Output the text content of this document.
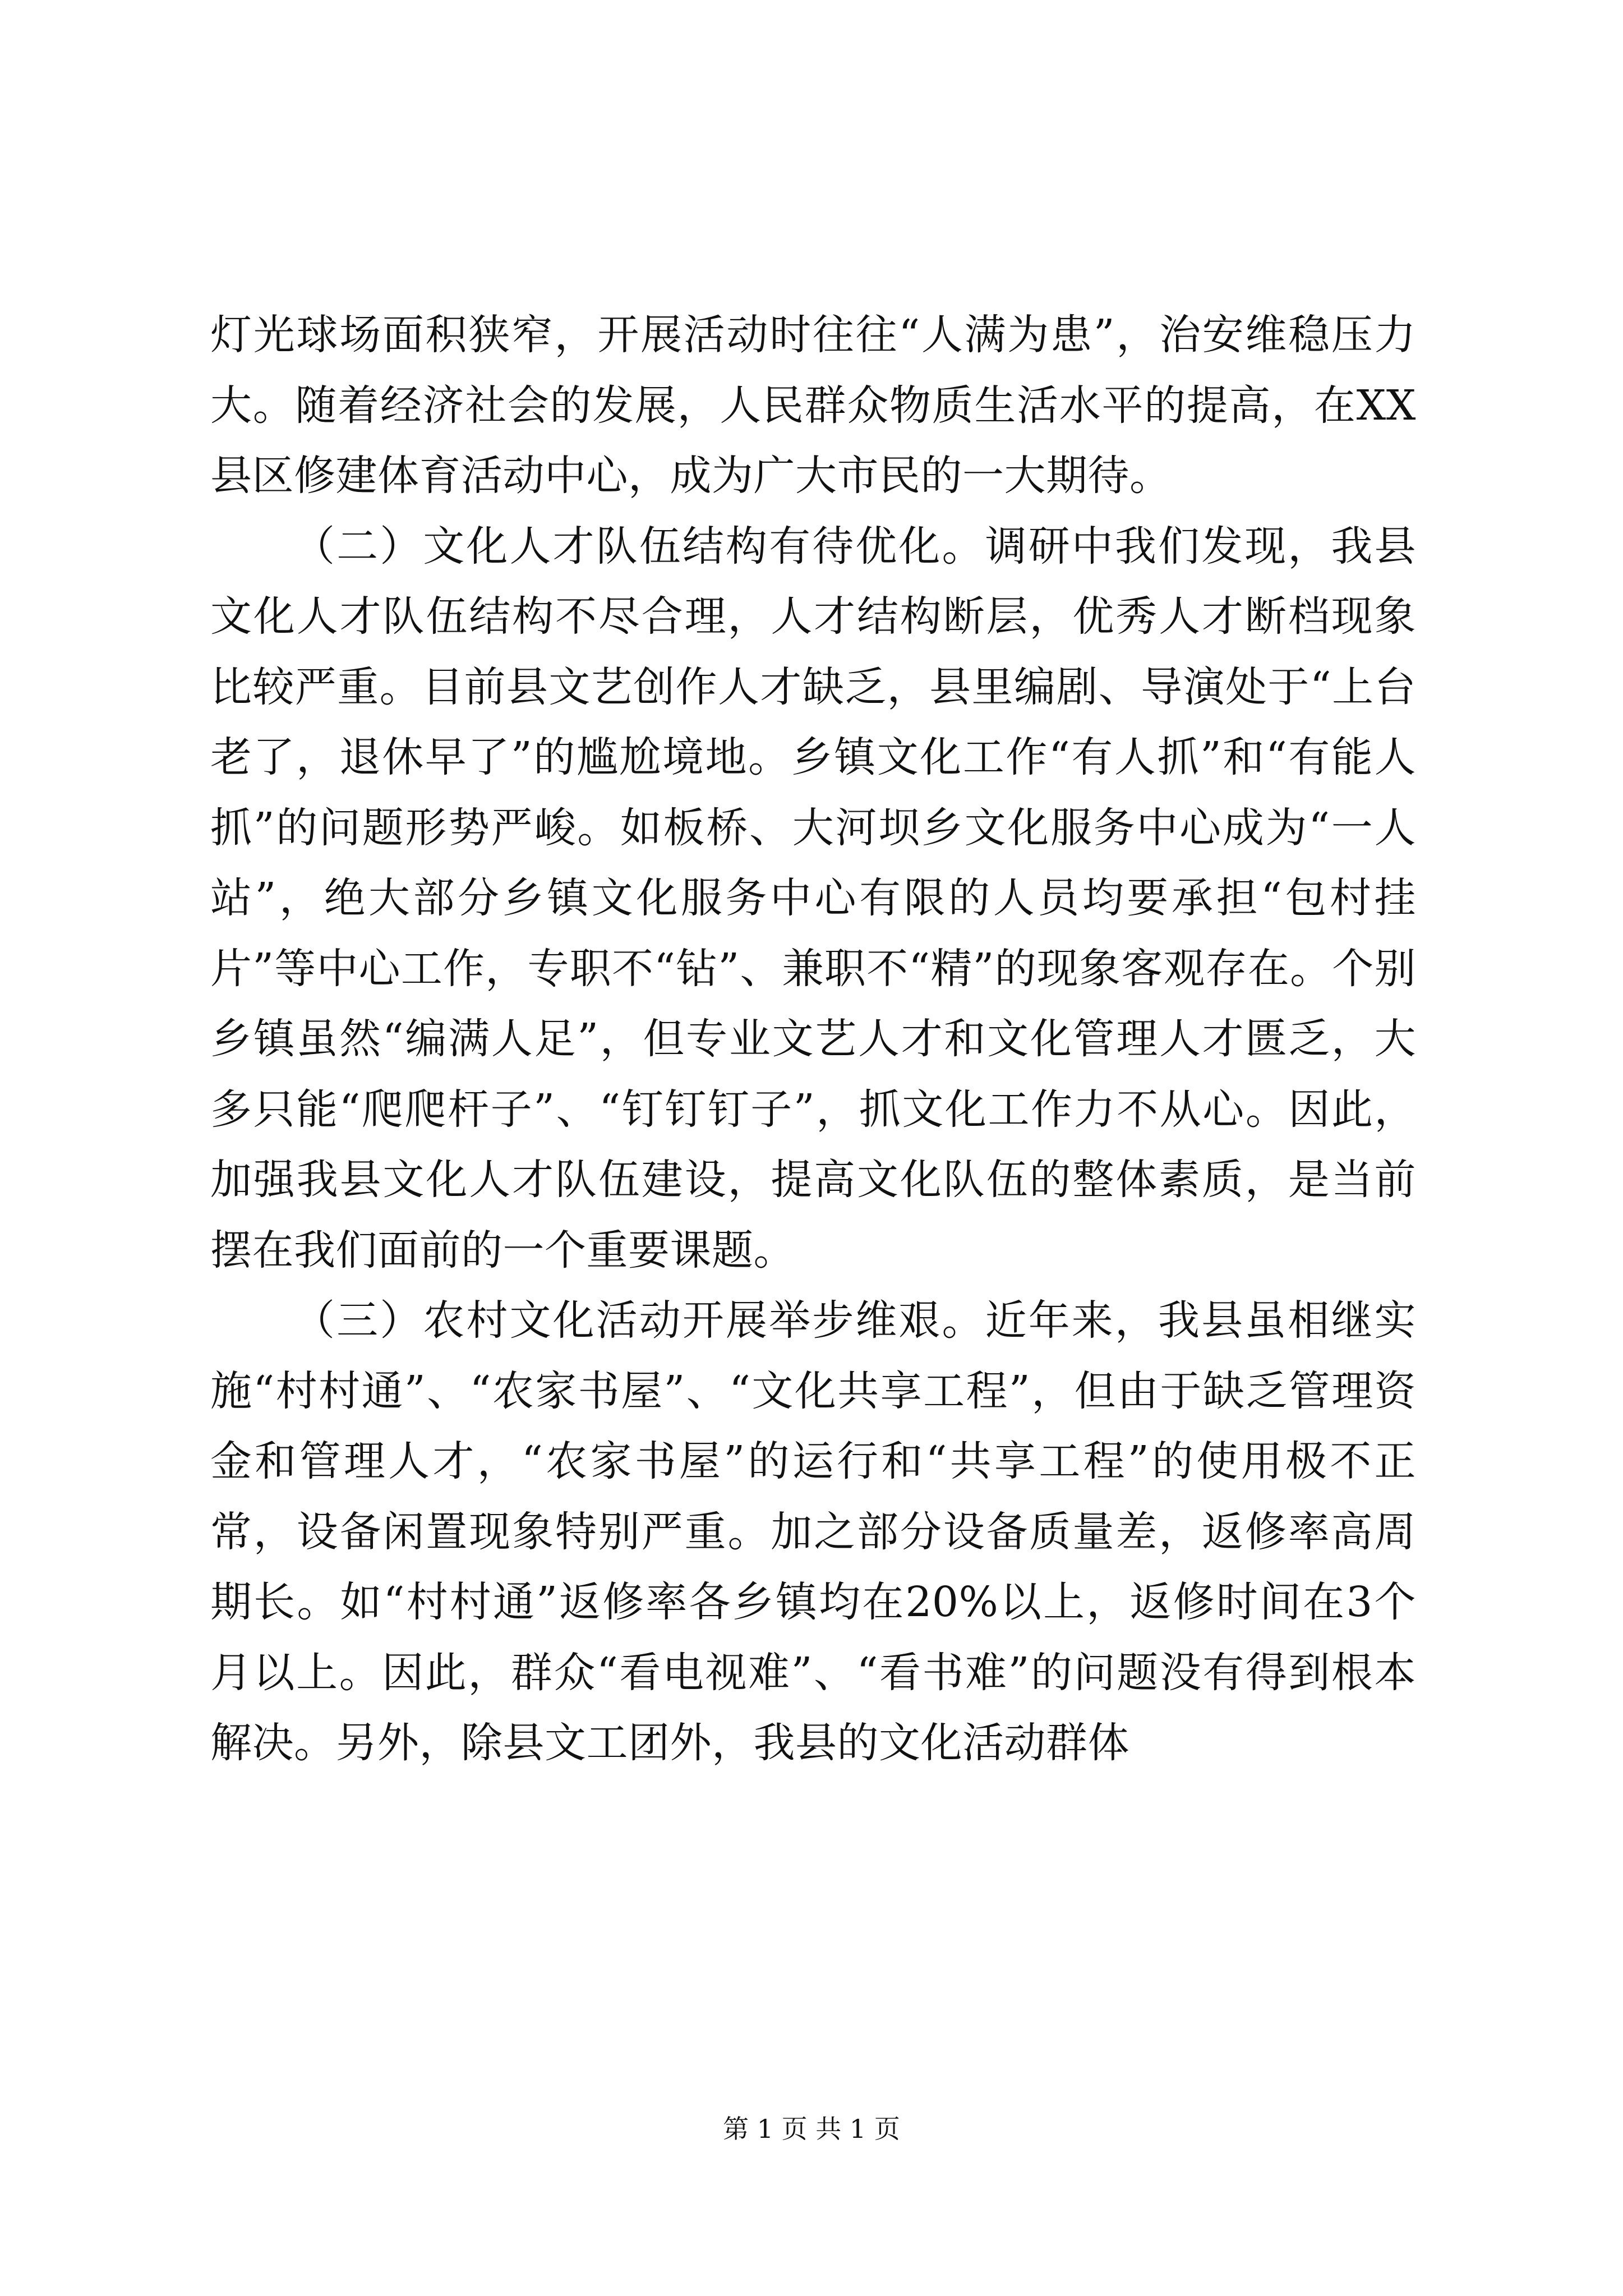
灯光球场面积狭窄，开展活动时往往“人满为患”，治安维稳压力大。随着经济社会的发展，人民群众物质生活水平的提高，在XX县区修建体育活动中心，成为广大市民的一大期待。

（二）文化人才队伍结构有待优化。调研中我们发现，我县文化人才队伍结构不尽合理，人才结构断层，优秀人才断档现象比较严重。目前县文艺创作人才缺乏，县里编剧、导演处于“上台老了，退休早了”的尴尬境地。乡镇文化工作“有人抓”和“有能人抓”的问题形势严峻。如板桥、大河坝乡文化服务中心成为“一人站”，绝大部分乡镇文化服务中心有限的人员均要承担“包村挂片”等中心工作，专职不“钻”、兼职不“精”的现象客观存在。个别乡镇虽然“编满人足”，但专业文艺人才和文化管理人才匮乏，大多只能“爬爬杆子”、“钉钉钉子”，抓文化工作力不从心。因此，加强我县文化人才队伍建设，提高文化队伍的整体素质，是当前摆在我们面前的一个重要课题。

（三）农村文化活动开展举步维艰。近年来，我县虽相继实施“村村通”、“农家书屋”、“文化共享工程”，但由于缺乏管理资金和管理人才，“农家书屋”的运行和“共享工程”的使用极不正常，设备闲置现象特别严重。加之部分设备质量差，返修率高周期长。如“村村通”返修率各乡镇均在20%以上，返修时间在3个月以上。因此，群众“看电视难”、“看书难”的问题没有得到根本解决。另外，除县文工团外，我县的文化活动群体

第 1 页 共 1 页
